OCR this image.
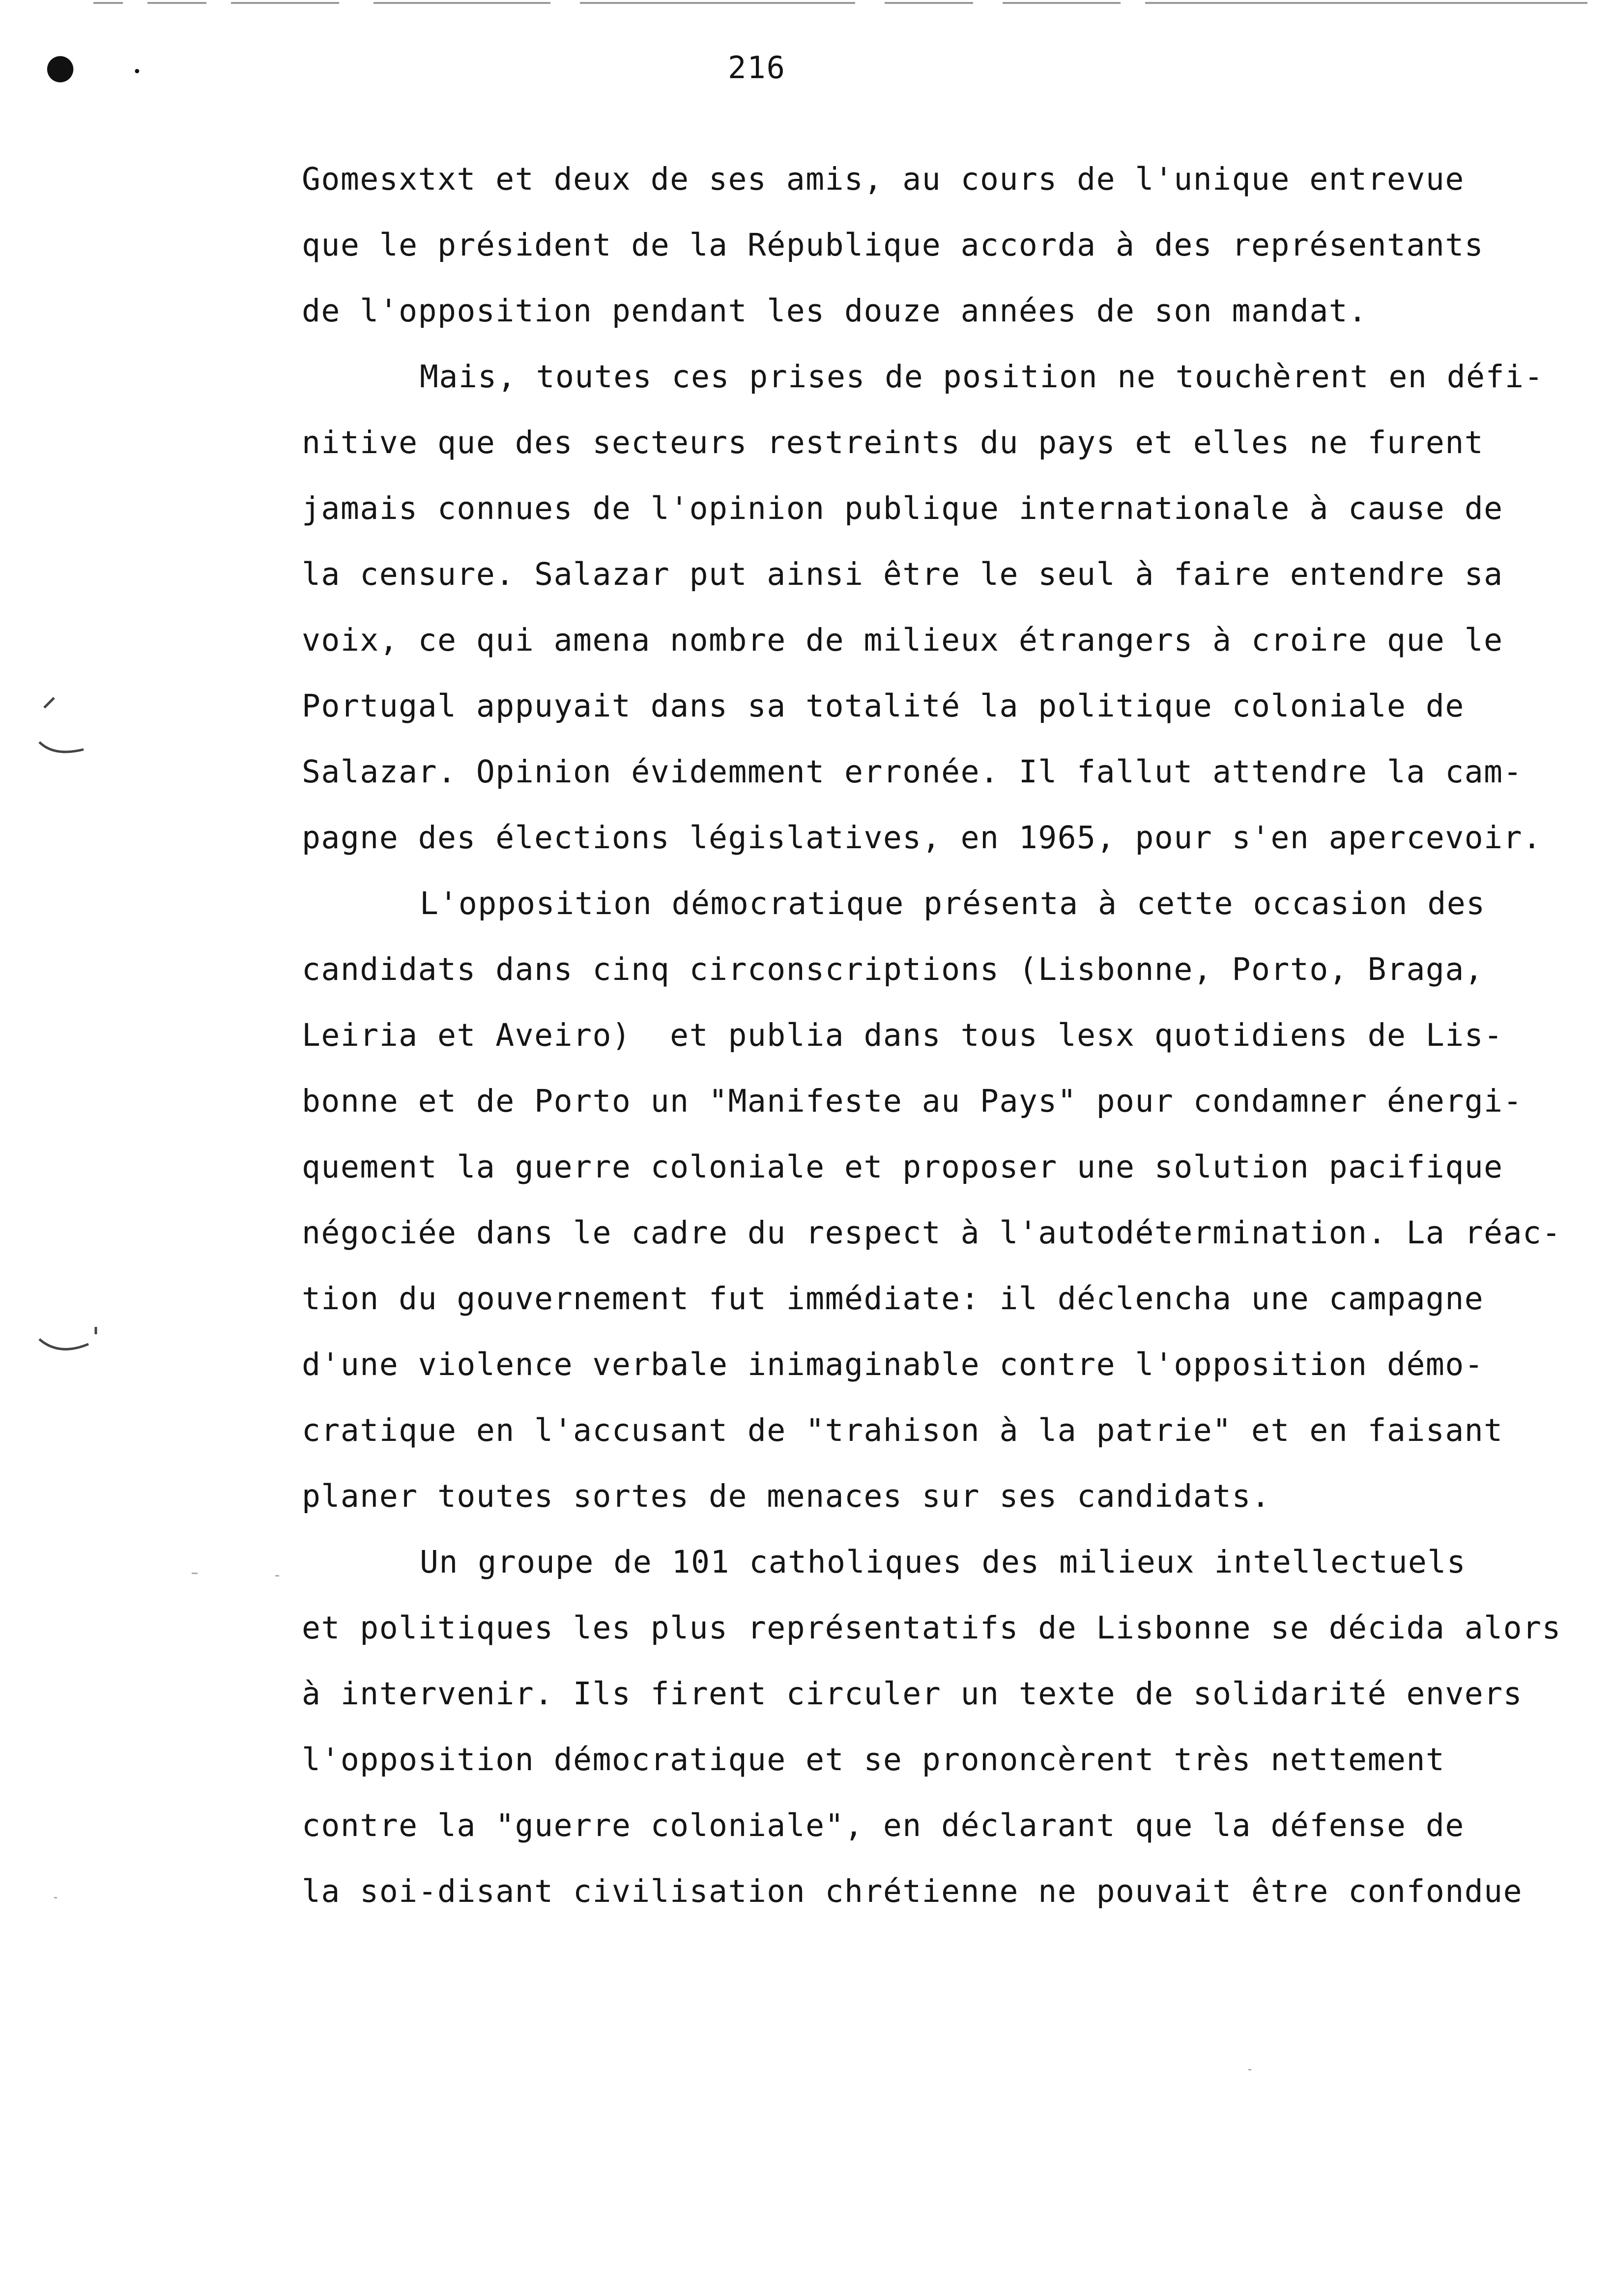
●	•	216
Gomesxtxt et deux de ses amis, au cours de l'unique entrevue
que le président de la République accorda à des représentants
de l'opposition pendant les douze années de son mandat.
Mais, toutes ces prises de position ne touchèrent en défi-
nitive que des secteurs restreints du pays et elles ne furent
jamais connues de l'opinion publique internationale à cause de
la censure. Salazar put ainsi être le seul à faire entendre sa
voix, ce qui amena nombre de milieux étrangers à croire que le
Portugal appuyait dans sa totalité la politique coloniale de
Salazar. Opinion évidemment erronée. Il fallut attendre la cam-
pagne des élections législatives, en 1965, pour s'en apercevoir.
L'opposition démocratique présenta à cette occasion des
candidats dans cinq circonscriptions (Lisbonne, Porto, Braga,
Leiria et Aveiro)  et publia dans tous lesx quotidiens de Lis-
bonne et de Porto un "Manifeste au Pays" pour condamner énergi-
quement la guerre coloniale et proposer une solution pacifique
négociée dans le cadre du respect à l'autodétermination. La réac-
tion du gouvernement fut immédiate: il déclencha une campagne
d'une violence verbale inimaginable contre l'opposition démo-
cratique en l'accusant de "trahison à la patrie" et en faisant
planer toutes sortes de menaces sur ses candidats.
Un groupe de 101 catholiques des milieux intellectuels
et politiques les plus représentatifs de Lisbonne se décida alors
à intervenir. Ils firent circuler un texte de solidarité envers
l'opposition démocratique et se prononcèrent très nettement
contre la "guerre coloniale", en déclarant que la défense de
la soi-disant civilisation chrétienne ne pouvait être confondue
